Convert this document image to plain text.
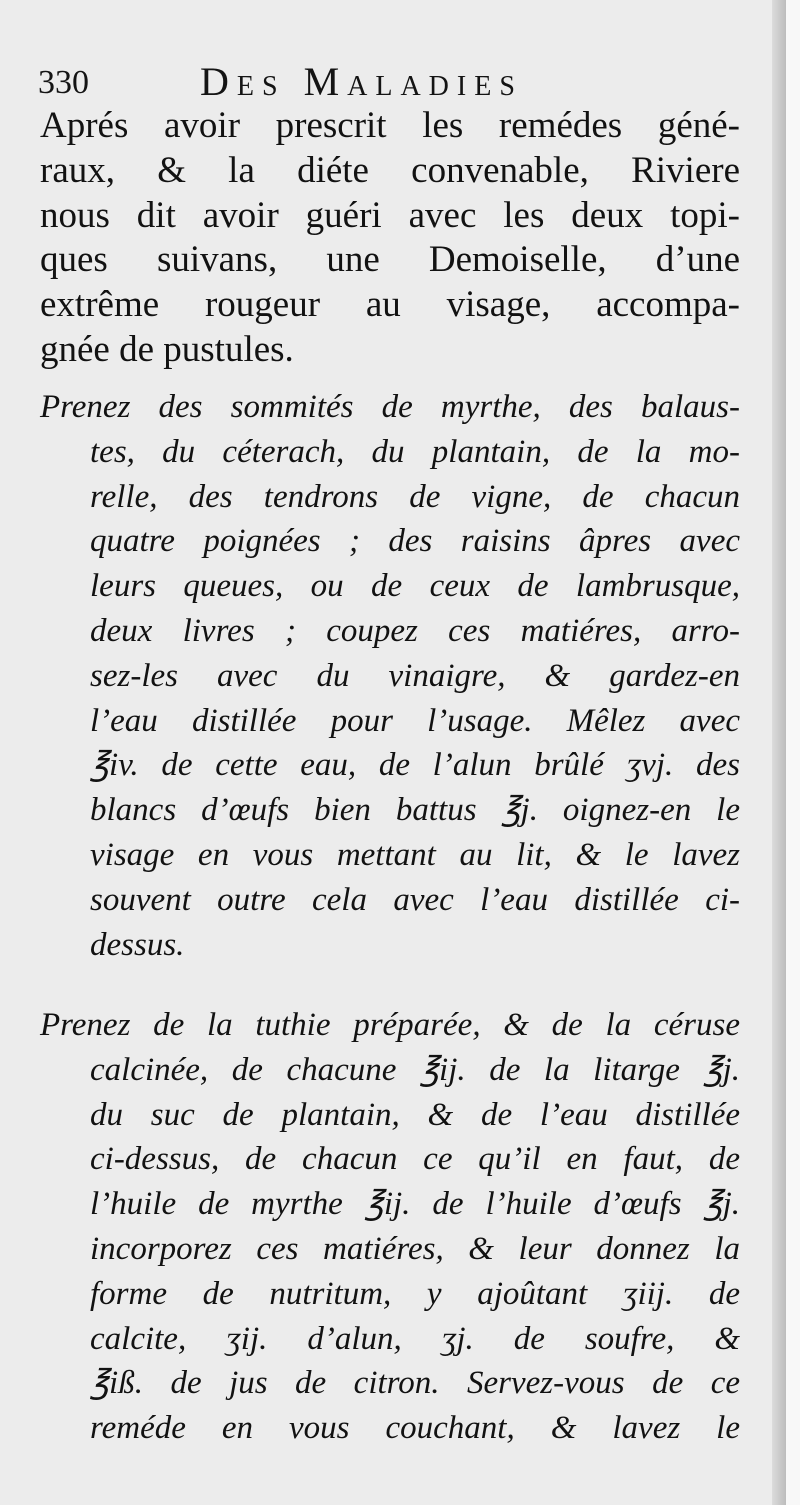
330	Des Maladies
Aprés avoir prescrit les remédes géné-
raux, & la diéte convenable, Riviere
nous dit avoir guéri avec les deux topi-
ques suivans, une Demoiselle, d’une
extrême rougeur au visage, accompa-
gnée de pustules.
Prenez des sommités de myrthe, des balaus-
tes, du céterach, du plantain, de la mo-
relle, des tendrons de vigne, de chacun
quatre poignées ; des raisins âpres avec
leurs queues, ou de ceux de lambrusque,
deux livres ; coupez ces matiéres, arro-
sez-les avec du vinaigre, & gardez-en
l’eau distillée pour l’usage. Mêlez avec
℥iv. de cette eau, de l’alun brûlé ʒvj. des
blancs d’œufs bien battus ℥j. oignez-en le
visage en vous mettant au lit, & le lavez
souvent outre cela avec l’eau distillée ci-
dessus.
Prenez de la tuthie préparée, & de la céruse
calcinée, de chacune ℥ij. de la litarge ℥j.
du suc de plantain, & de l’eau distillée
ci-dessus, de chacun ce qu’il en faut, de
l’huile de myrthe ℥ij. de l’huile d’œufs ℥j.
incorporez ces matiéres, & leur donnez la
forme de nutritum, y ajoûtant ʒiij. de
calcite, ʒij. d’alun, ʒj. de soufre, &
℥iß. de jus de citron. Servez-vous de ce
reméde en vous couchant, & lavez le
